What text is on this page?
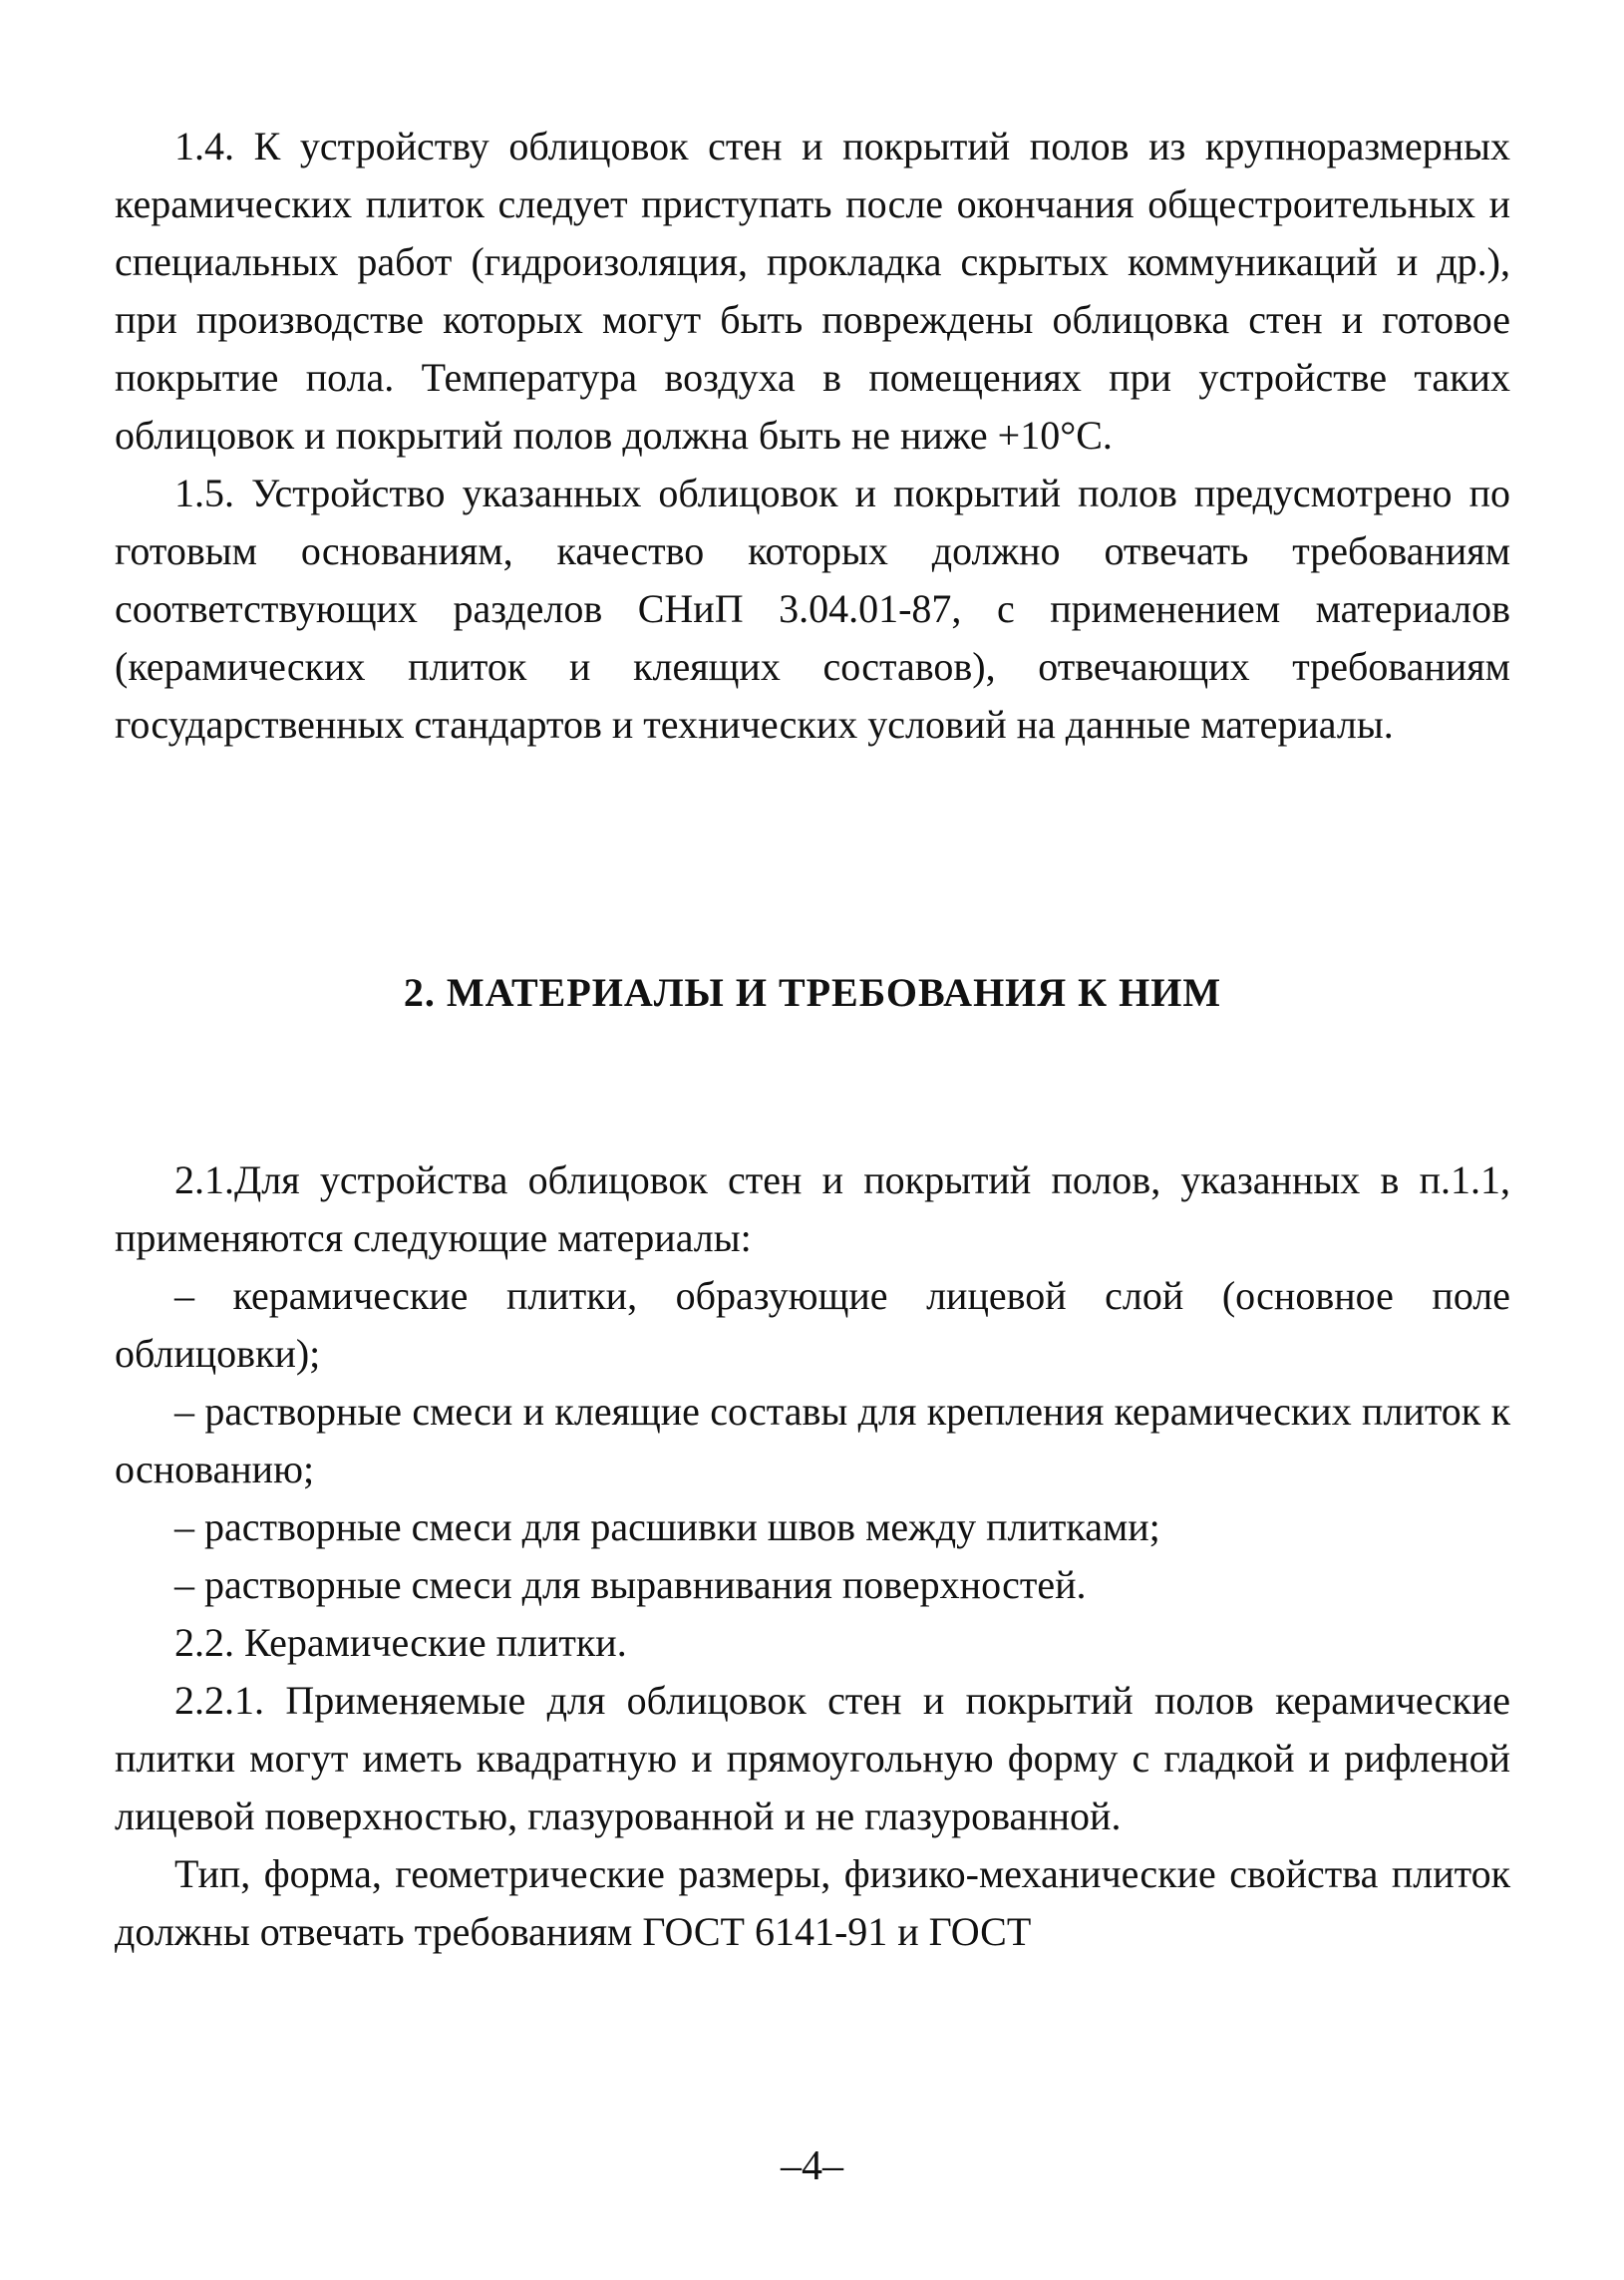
1.4. К устройству облицовок стен и покрытий полов из крупноразмерных керамических плиток следует приступать после окончания общестроительных и специальных работ (гидроизоляция, прокладка скрытых коммуникаций и др.), при производстве которых могут быть повреждены облицовка стен и готовое покрытие пола. Температура воздуха в помещениях при устройстве таких облицовок и покрытий полов должна быть не ниже +10°С.

1.5. Устройство указанных облицовок и покрытий полов предусмотрено по готовым основаниям, качество которых должно отвечать требованиям соответствующих разделов СНиП 3.04.01-87, с применением материалов (керамических плиток и клеящих составов), отвечающих требованиям государственных стандартов и технических условий на данные материалы.

2. МАТЕРИАЛЫ И ТРЕБОВАНИЯ К НИМ

2.1.Для устройства облицовок стен и покрытий полов, указанных в п.1.1, применяются следующие материалы:

– керамические плитки, образующие лицевой слой (основное поле облицовки);

– растворные смеси и клеящие составы для крепления керамических плиток к основанию;

– растворные смеси для расшивки швов между плитками;

– растворные смеси для выравнивания поверхностей.

2.2. Керамические плитки.

2.2.1. Применяемые для облицовок стен и покрытий полов керамические плитки могут иметь квадратную и прямоугольную форму с гладкой и рифленой лицевой поверхностью, глазурованной и не глазурованной.

Тип, форма, геометрические размеры, физико-механические свойства плиток должны отвечать требованиям ГОСТ 6141-91 и ГОСТ

–4–
